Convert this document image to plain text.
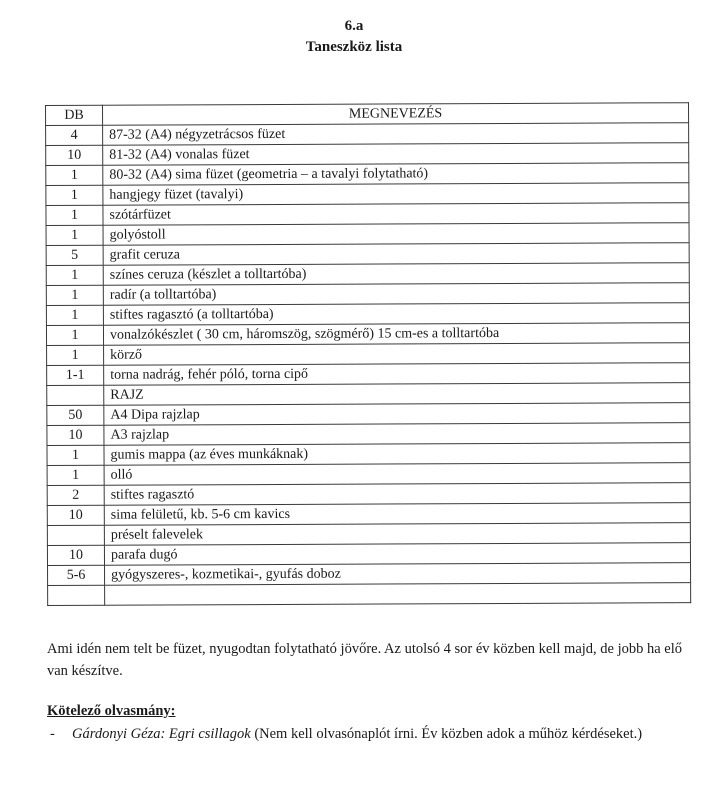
6.a
Taneszköz lista
DB	MEGNEVEZÉS
4	87-32 (A4) négyzetrácsos füzet
10	81-32 (A4) vonalas füzet
1	80-32 (A4) sima füzet (geometria – a tavalyi folytatható)
1	hangjegy füzet (tavalyi)
1	szótárfüzet
1	golyóstoll
5	grafit ceruza
1	színes ceruza (készlet a tolltartóba)
1	radír (a tolltartóba)
1	stiftes ragasztó (a tolltartóba)
1	vonalzókészlet ( 30 cm, háromszög, szögmérő) 15 cm-es a tolltartóba
1	körző
1-1	torna nadrág, fehér póló, torna cipő
	RAJZ
50	A4 Dipa rajzlap
10	A3 rajzlap
1	gumis mappa (az éves munkáknak)
1	olló
2	stiftes ragasztó
10	sima felületű, kb. 5-6 cm kavics
	préselt falevelek
10	parafa dugó
5-6	gyógyszeres-, kozmetikai-, gyufás doboz

Ami idén nem telt be füzet, nyugodtan folytatható jövőre. Az utolsó 4 sor év közben kell majd, de jobb ha elő van készítve.
Kötelező olvasmány:
- Gárdonyi Géza: Egri csillagok (Nem kell olvasónaplót írni. Év közben adok a műhöz kérdéseket.)
